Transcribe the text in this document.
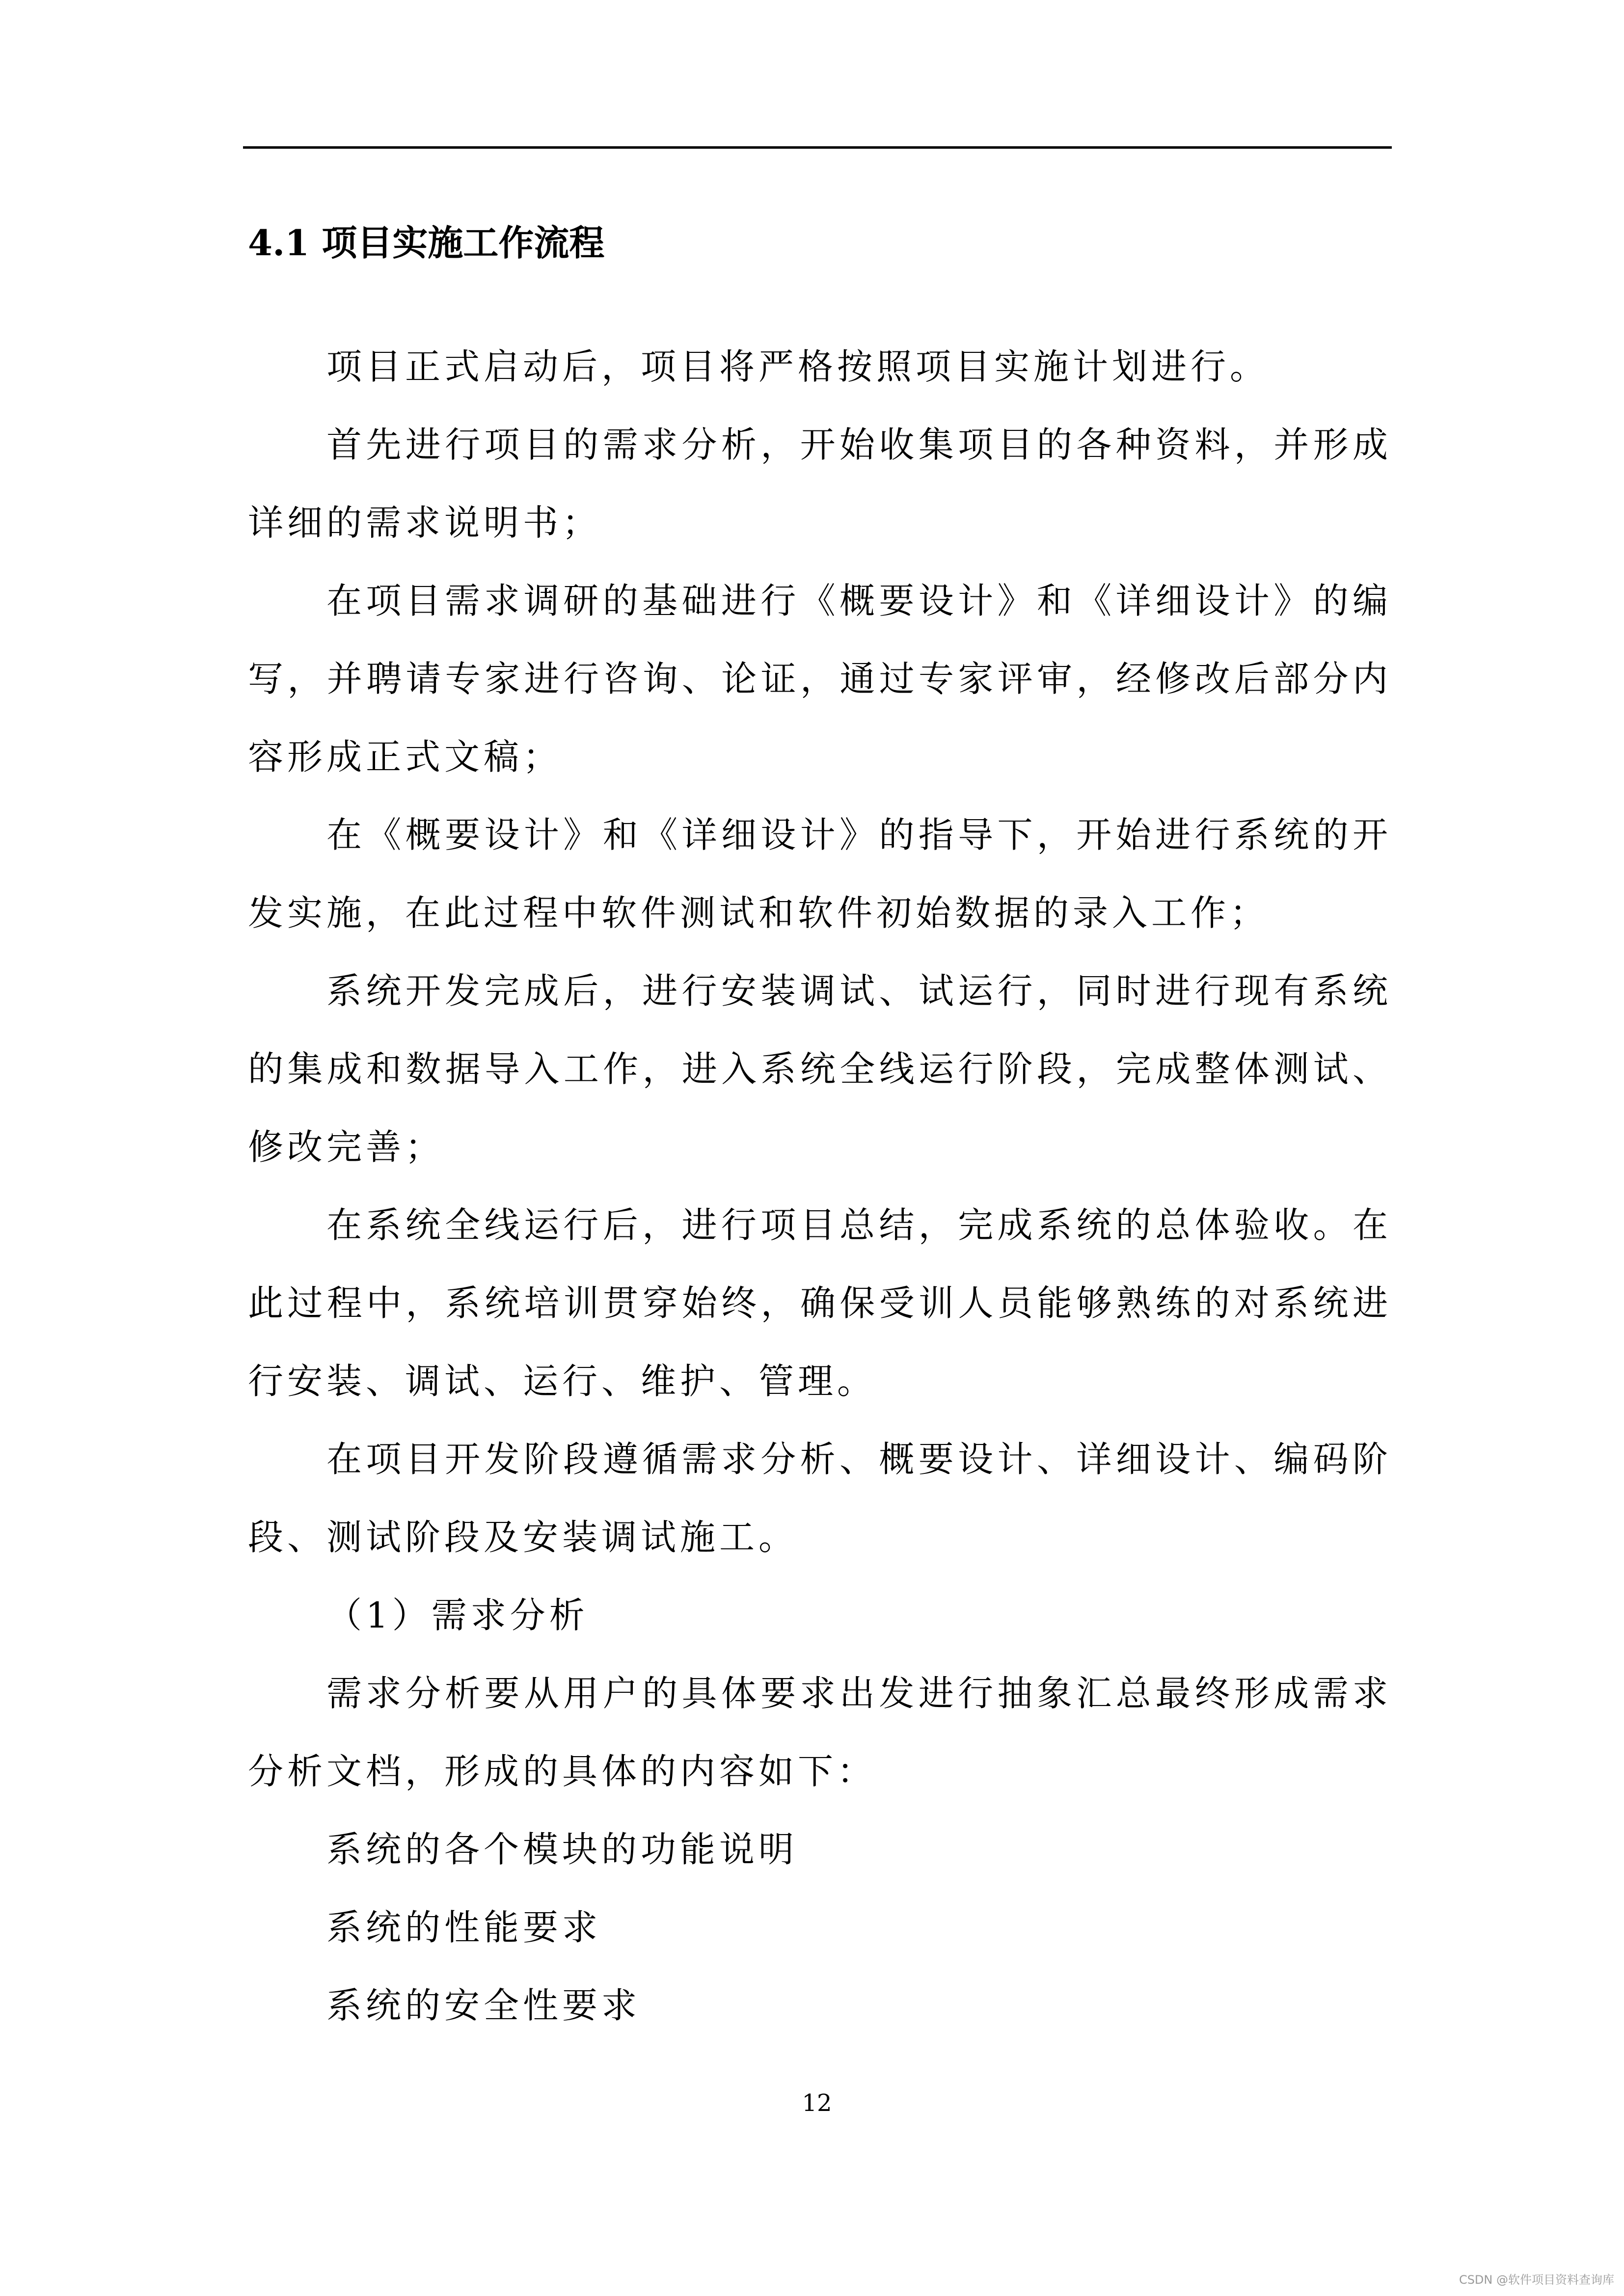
4.1 项目实施工作流程

项目正式启动后，项目将严格按照项目实施计划进行。

首先进行项目的需求分析，开始收集项目的各种资料，并形成详细的需求说明书；

在项目需求调研的基础进行《概要设计》和《详细设计》的编写，并聘请专家进行咨询、论证，通过专家评审，经修改后部分内容形成正式文稿；

在《概要设计》和《详细设计》的指导下，开始进行系统的开发实施，在此过程中软件测试和软件初始数据的录入工作；

系统开发完成后，进行安装调试、试运行，同时进行现有系统的集成和数据导入工作，进入系统全线运行阶段，完成整体测试、修改完善；

在系统全线运行后，进行项目总结，完成系统的总体验收。在此过程中，系统培训贯穿始终，确保受训人员能够熟练的对系统进行安装、调试、运行、维护、管理。

在项目开发阶段遵循需求分析、概要设计、详细设计、编码阶段、测试阶段及安装调试施工。

（1）需求分析

需求分析要从用户的具体要求出发进行抽象汇总最终形成需求分析文档，形成的具体的内容如下：

系统的各个模块的功能说明

系统的性能要求

系统的安全性要求

12
CSDN @软件项目资料查询库
